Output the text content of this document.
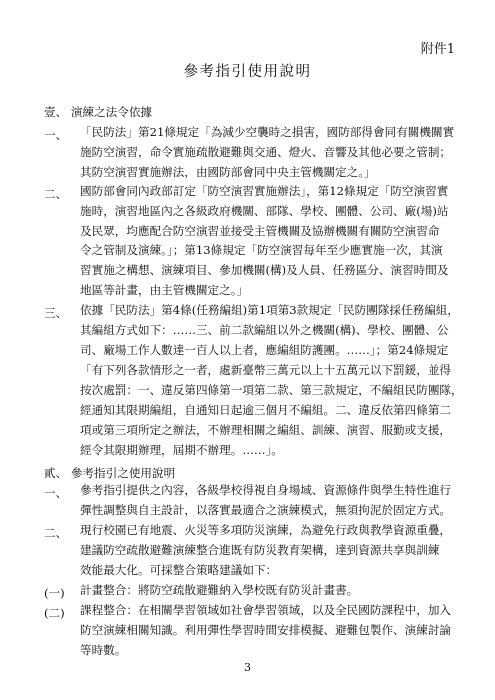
附件1
參考指引使用說明
壹、 演練之法令依據
一、 「民防法」第21條規定「為減少空襲時之損害，國防部得會同有關機關實
施防空演習，命令實施疏散避難與交通、燈火、音響及其他必要之管制；
其防空演習實施辦法，由國防部會同中央主管機關定之。」
二、 國防部會同內政部訂定「防空演習實施辦法」，第12條規定「防空演習實
施時，演習地區內之各級政府機關、部隊、學校、團體、公司、廠(場)站
及民眾，均應配合防空演習並接受主管機關及協辦機關有關防空演習命
令之管制及演練。」；第13條規定「防空演習每年至少應實施一次，其演
習實施之構想、演練項目、參加機關(構)及人員、任務區分、演習時間及
地區等計畫，由主管機關定之。」
三、 依據「民防法」第4條(任務編組)第1項第3款規定「民防團隊採任務編組，
其編組方式如下：……三、前二款編組以外之機關(構)、學校、團體、公
司、廠場工作人數達一百人以上者，應編組防護團。……」；第24條規定
「有下列各款情形之一者，處新臺幣三萬元以上十五萬元以下罰鍰，並得
按次處罰：一、違反第四條第一項第二款、第三款規定，不編組民防團隊，
經通知其限期編組，自通知日起逾三個月不編組。二、違反依第四條第二
項或第三項所定之辦法，不辦理相關之編組、訓練、演習、服勤或支援，
經令其限期辦理，屆期不辦理。……」。
貳、 參考指引之使用說明
一、 參考指引提供之內容，各級學校得視自身場域、資源條件與學生特性進行
彈性調整與自主設計，以落實最適合之演練模式，無須拘泥於固定方式。
二、 現行校園已有地震、火災等多項防災演練，為避免行政與教學資源重疊，
建議防空疏散避難演練整合進既有防災教育架構，達到資源共享與訓練
效能最大化。可採整合策略建議如下：
(一) 計畫整合：將防空疏散避難納入學校既有防災計畫書。
(二) 課程整合：在相關學習領域如社會學習領域，以及全民國防課程中，加入
防空演練相關知識。利用彈性學習時間安排模擬、避難包製作、演練討論
等時數。
3
